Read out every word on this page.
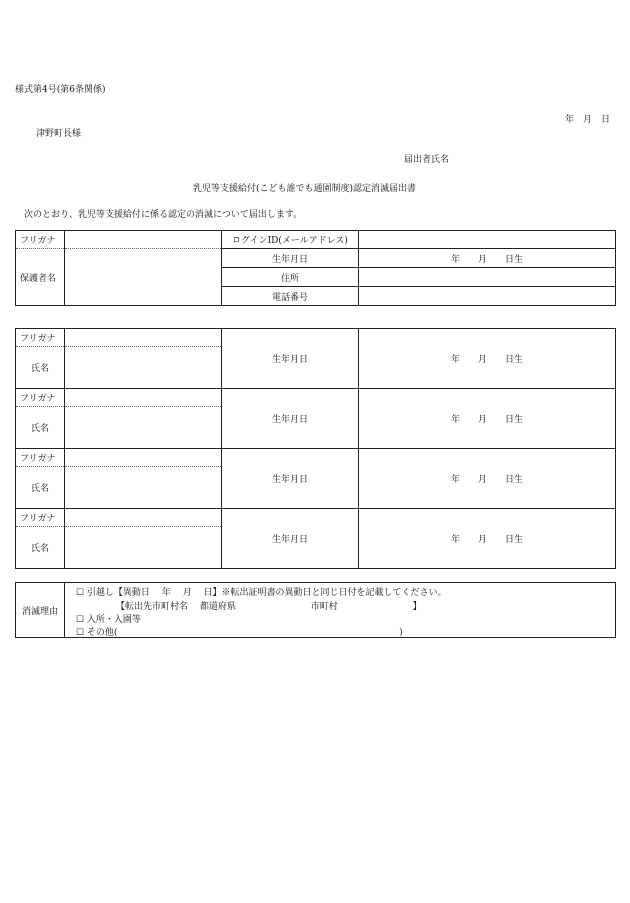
様式第4号(第6条関係)
年　月　日
津野町長様
届出者氏名
乳児等支援給付(こども誰でも通園制度)認定消滅届出書
次のとおり、乳児等支援給付に係る認定の消滅について届出します。
フリガナ		ログインID(メールアドレス)	
保護者名		生年月日	年　　月　　日生
		住所	
		電話番号	
フリガナ		生年月日	年　　月　　日生
氏名			
フリガナ		生年月日	年　　月　　日生
氏名			
フリガナ		生年月日	年　　月　　日生
氏名			
フリガナ		生年月日	年　　月　　日生
氏名			
消滅理由	
☐ 引越し【異動日　 年　 月　 日】※転出証明書の異動日と同じ日付を記載してください。
【転出先市町村名　 都道府県　　　　　　　　 市町村　　　　　　　　 】
☐ 入所・入園等
☐ その他(　　　　　　　　　　　　　　　　　　　　　　　　　　　　　　　 )
